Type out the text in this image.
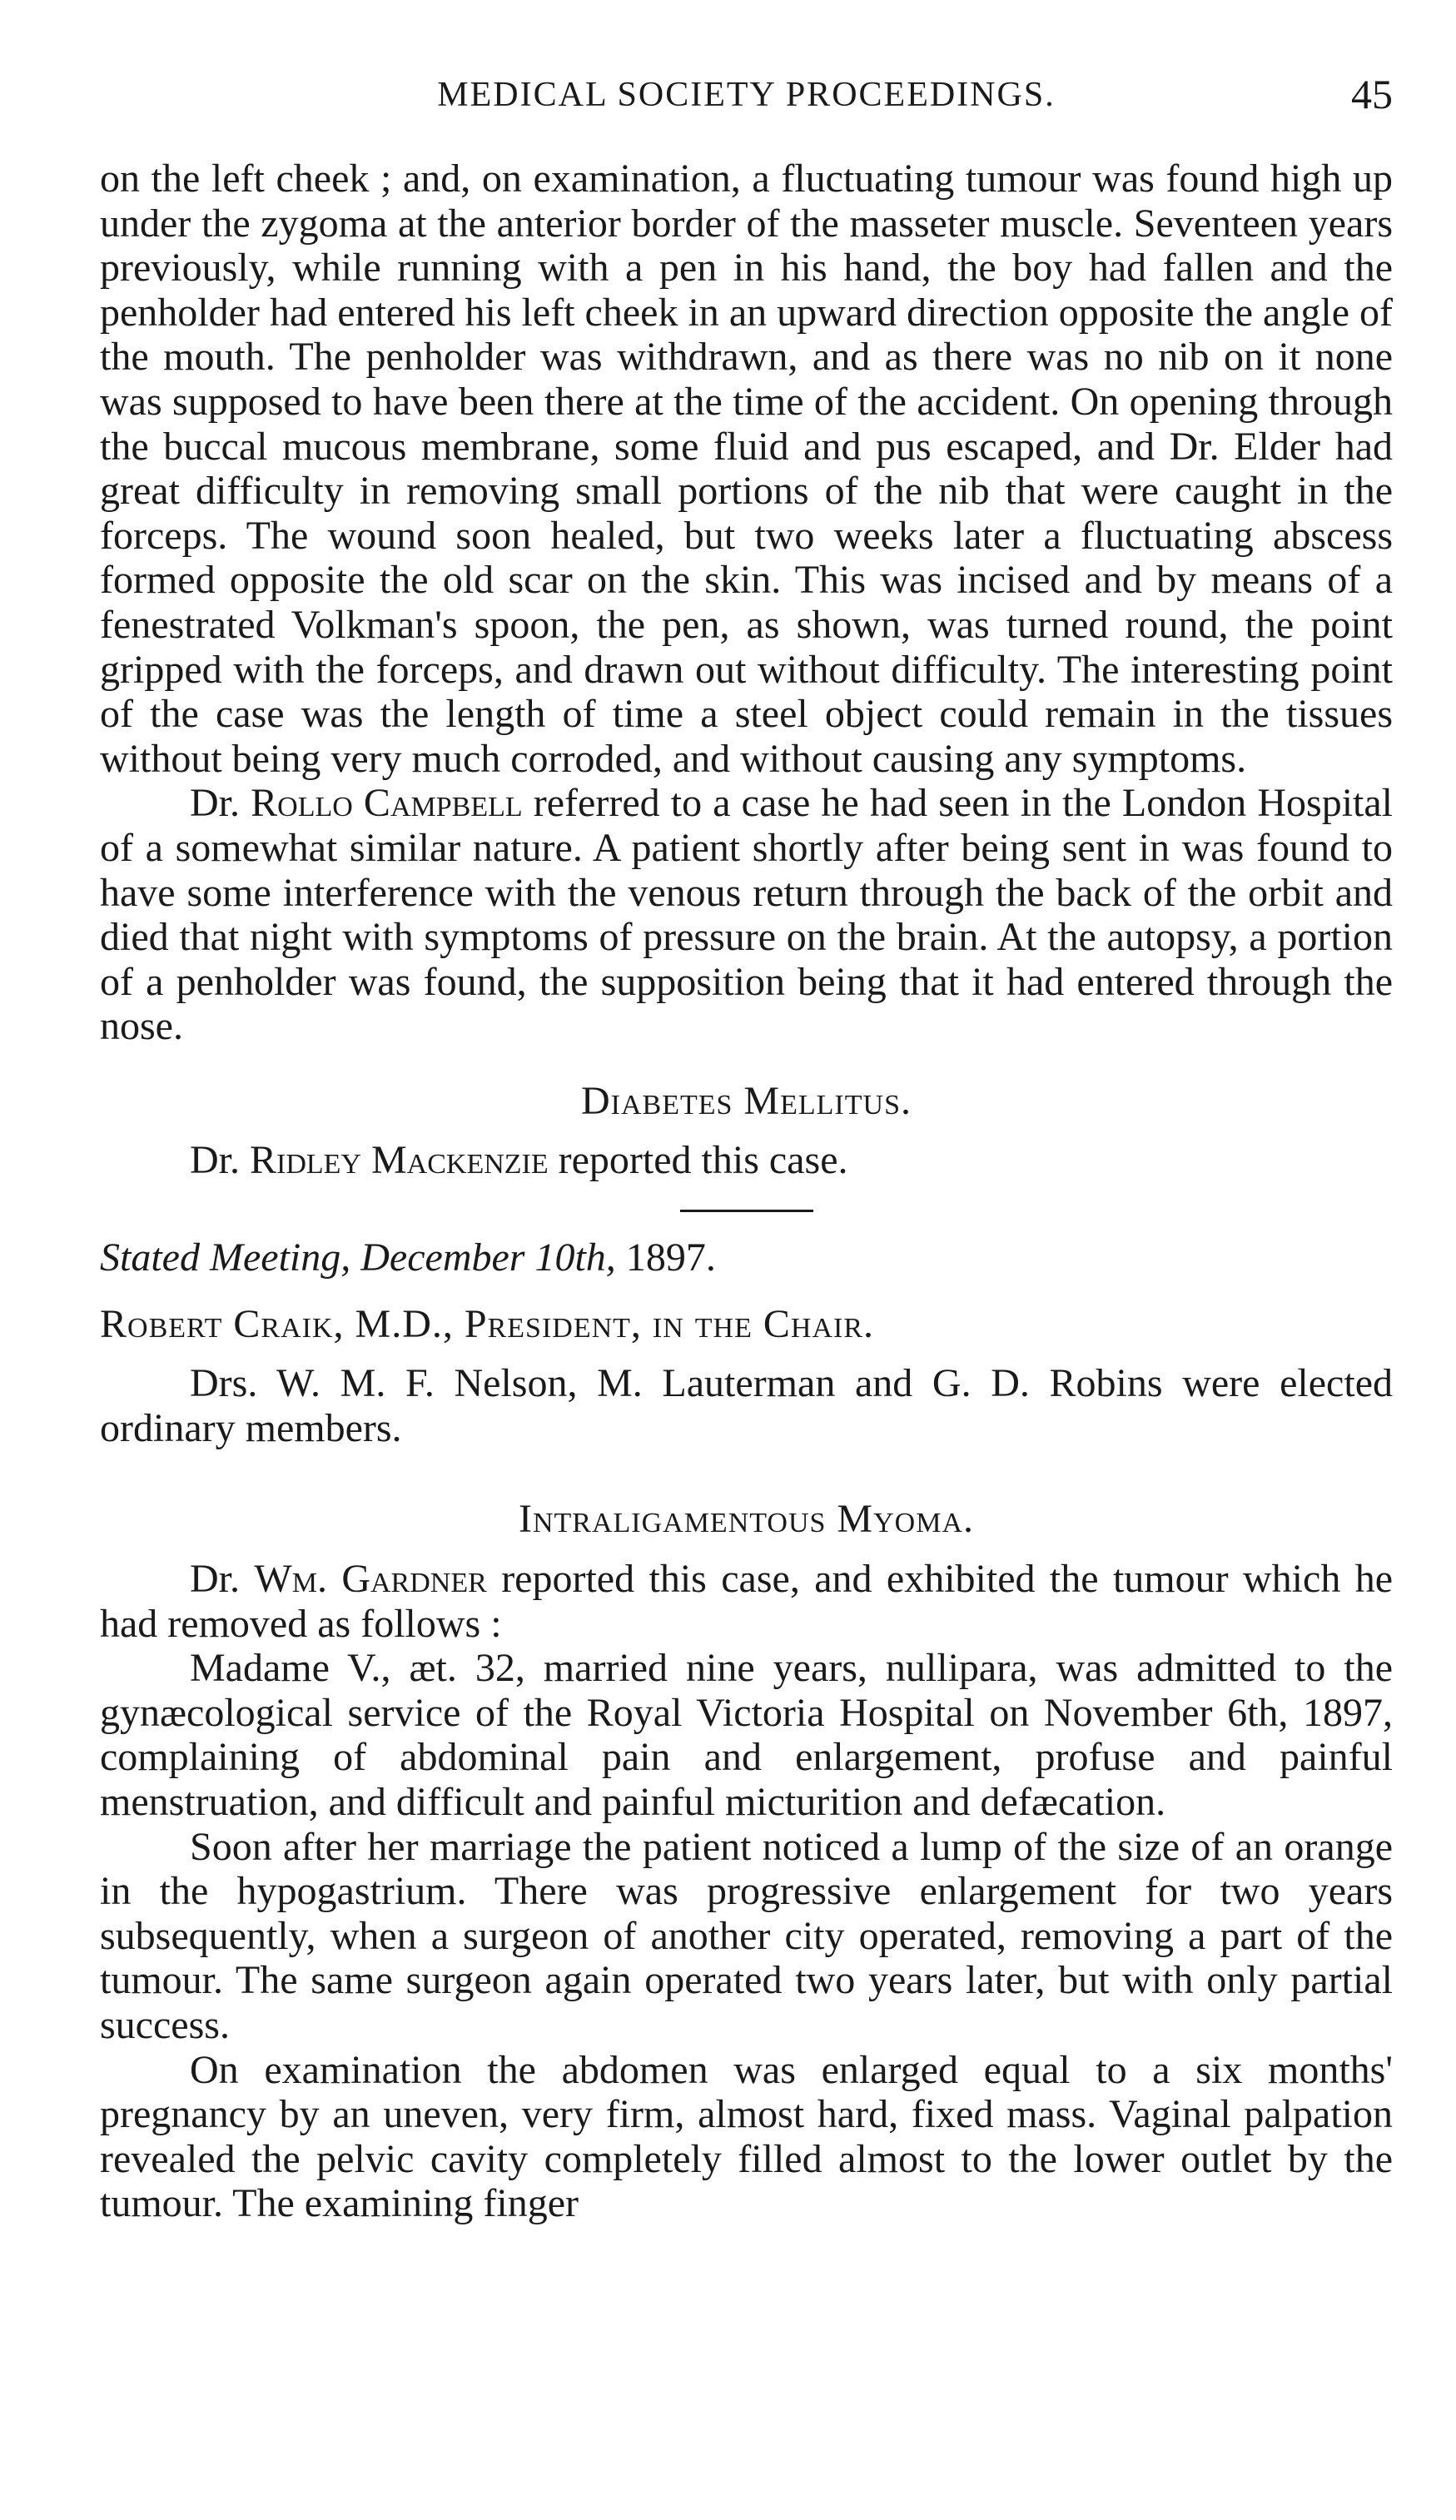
MEDICAL SOCIETY PROCEEDINGS.	45

on the left cheek ; and, on examination, a fluctuating tumour was found high up under the zygoma at the anterior border of the masseter muscle. Seventeen years previously, while running with a pen in his hand, the boy had fallen and the penholder had entered his left cheek in an upward direction opposite the angle of the mouth. The penholder was withdrawn, and as there was no nib on it none was supposed to have been there at the time of the accident. On opening through the buccal mucous membrane, some fluid and pus escaped, and Dr. Elder had great difficulty in removing small portions of the nib that were caught in the forceps. The wound soon healed, but two weeks later a fluctuating abscess formed opposite the old scar on the skin. This was incised and by means of a fenestrated Volkman's spoon, the pen, as shown, was turned round, the point gripped with the forceps, and drawn out without difficulty. The interesting point of the case was the length of time a steel object could remain in the tissues without being very much corroded, and without causing any symptoms.

Dr. Rollo Campbell referred to a case he had seen in the London Hospital of a somewhat similar nature. A patient shortly after being sent in was found to have some interference with the venous return through the back of the orbit and died that night with symptoms of pressure on the brain. At the autopsy, a portion of a penholder was found, the supposition being that it had entered through the nose.

Diabetes Mellitus.

Dr. Ridley Mackenzie reported this case.

Stated Meeting, December 10th, 1897.

Robert Craik, M.D., President, in the Chair.

Drs. W. M. F. Nelson, M. Lauterman and G. D. Robins were elected ordinary members.

Intraligamentous Myoma.

Dr. Wm. Gardner reported this case, and exhibited the tumour which he had removed as follows :

Madame V., æt. 32, married nine years, nullipara, was admitted to the gynæcological service of the Royal Victoria Hospital on November 6th, 1897, complaining of abdominal pain and enlargement, profuse and painful menstruation, and difficult and painful micturition and defæcation.

Soon after her marriage the patient noticed a lump of the size of an orange in the hypogastrium. There was progressive enlargement for two years subsequently, when a surgeon of another city operated, removing a part of the tumour. The same surgeon again operated two years later, but with only partial success.

On examination the abdomen was enlarged equal to a six months' pregnancy by an uneven, very firm, almost hard, fixed mass. Vaginal palpation revealed the pelvic cavity completely filled almost to the lower outlet by the tumour. The examining finger
